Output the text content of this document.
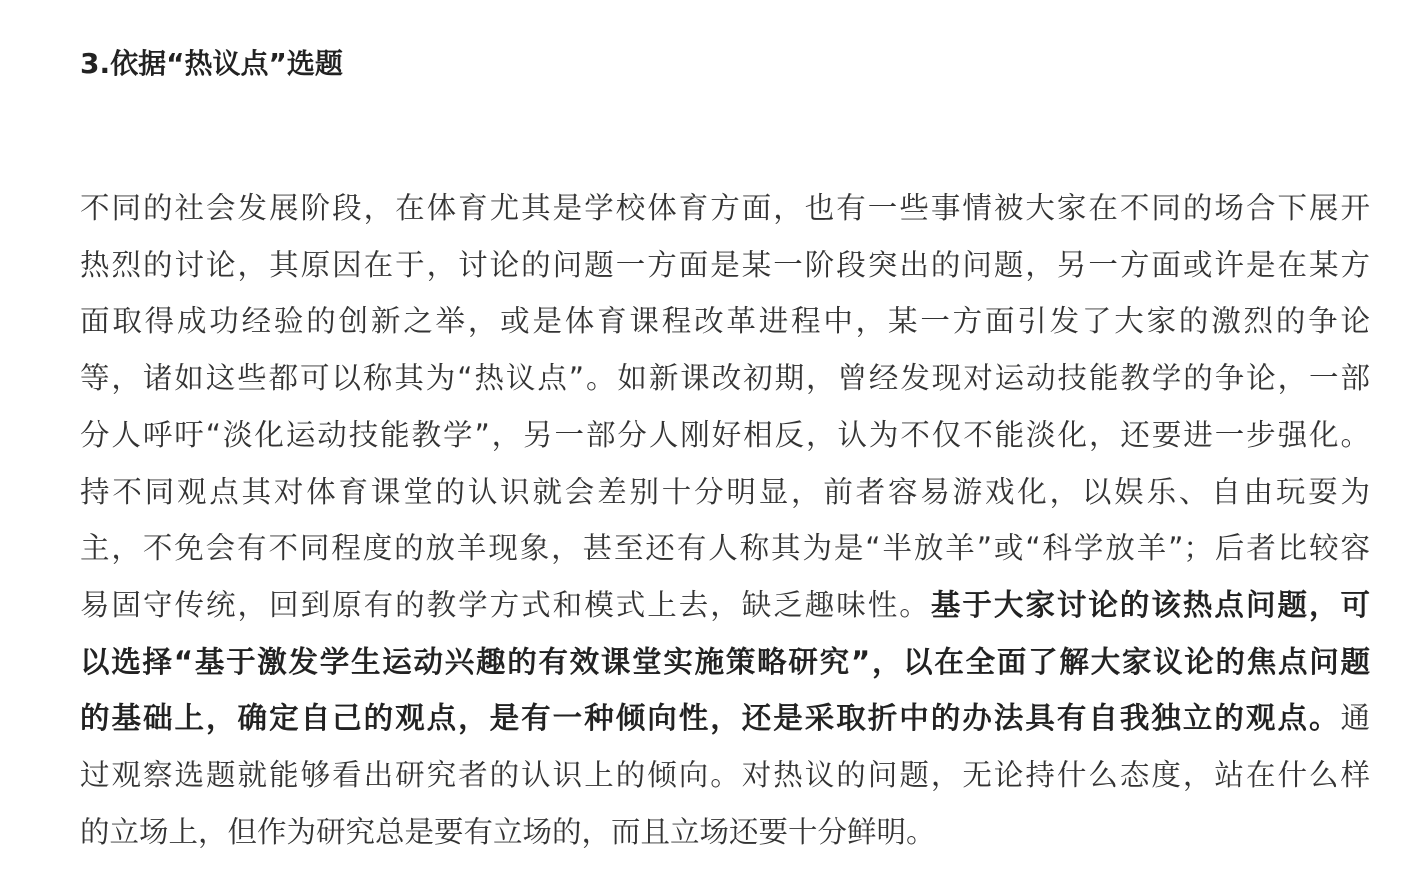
3.依据“热议点”选题
不同的社会发展阶段，在体育尤其是学校体育方面，也有一些事情被大家在不同的场合下展开
热烈的讨论，其原因在于，讨论的问题一方面是某一阶段突出的问题，另一方面或许是在某方
面取得成功经验的创新之举，或是体育课程改革进程中，某一方面引发了大家的激烈的争论
等，诸如这些都可以称其为“热议点”。如新课改初期，曾经发现对运动技能教学的争论，一部
分人呼吁“淡化运动技能教学”，另一部分人刚好相反，认为不仅不能淡化，还要进一步强化。
持不同观点其对体育课堂的认识就会差别十分明显，前者容易游戏化，以娱乐、自由玩耍为
主，不免会有不同程度的放羊现象，甚至还有人称其为是“半放羊”或“科学放羊”；后者比较容
易固守传统，回到原有的教学方式和模式上去，缺乏趣味性。基于大家讨论的该热点问题，可
以选择“基于激发学生运动兴趣的有效课堂实施策略研究”，以在全面了解大家议论的焦点问题
的基础上，确定自己的观点，是有一种倾向性，还是采取折中的办法具有自我独立的观点。通
过观察选题就能够看出研究者的认识上的倾向。对热议的问题，无论持什么态度，站在什么样
的立场上，但作为研究总是要有立场的，而且立场还要十分鲜明。
